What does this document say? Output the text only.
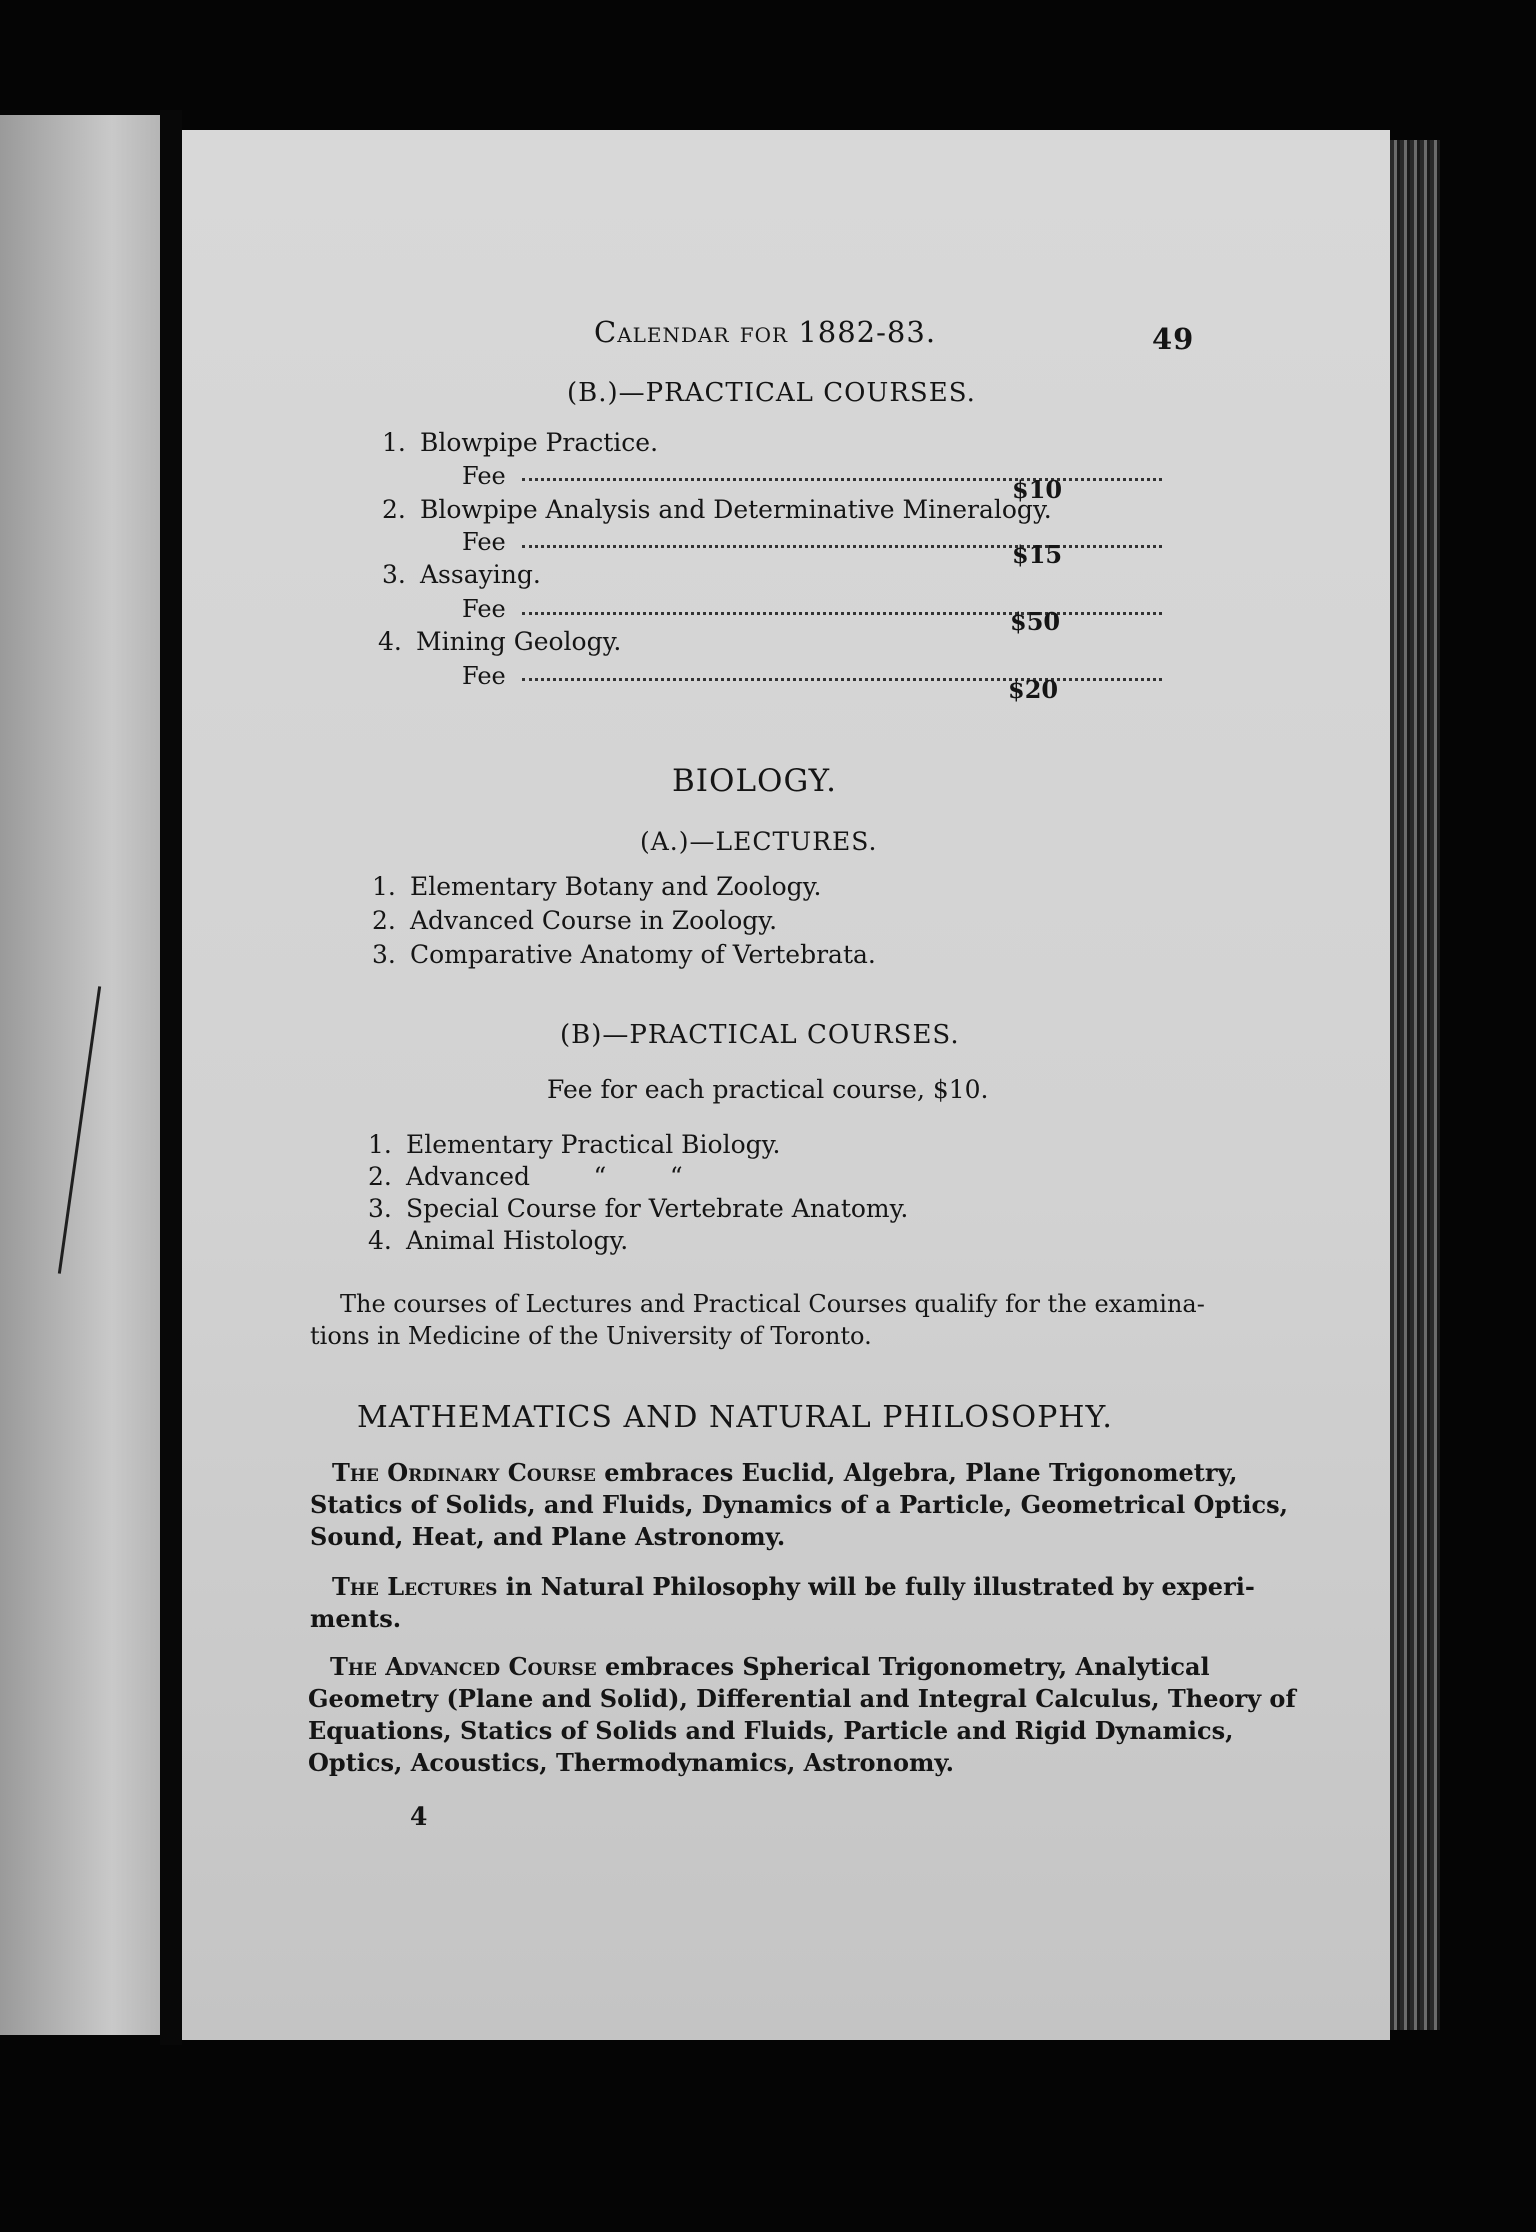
Calendar for 1882-83.	49
(B.)—PRACTICAL COURSES.
1. Blowpipe Practice.
Fee	$10
2. Blowpipe Analysis and Determinative Mineralogy.
Fee	$15
3. Assaying.
Fee	$50
4. Mining Geology.
Fee	$20
BIOLOGY.
(A.)—LECTURES.
1. Elementary Botany and Zoology.
2. Advanced Course in Zoology.
3. Comparative Anatomy of Vertebrata.
(B)—PRACTICAL COURSES.
Fee for each practical course, $10.
1. Elementary Practical Biology.
2. Advanced        “        “
3. Special Course for Vertebrate Anatomy.
4. Animal Histology.
The courses of Lectures and Practical Courses qualify for the examina-
tions in Medicine of the University of Toronto.
MATHEMATICS AND NATURAL PHILOSOPHY.
The Ordinary Course embraces Euclid, Algebra, Plane Trigonometry,
Statics of Solids, and Fluids, Dynamics of a Particle, Geometrical Optics,
Sound, Heat, and Plane Astronomy.
The Lectures in Natural Philosophy will be fully illustrated by experi-
ments.
The Advanced Course embraces Spherical Trigonometry, Analytical
Geometry (Plane and Solid), Differential and Integral Calculus, Theory of
Equations, Statics of Solids and Fluids, Particle and Rigid Dynamics,
Optics, Acoustics, Thermodynamics, Astronomy.
4
